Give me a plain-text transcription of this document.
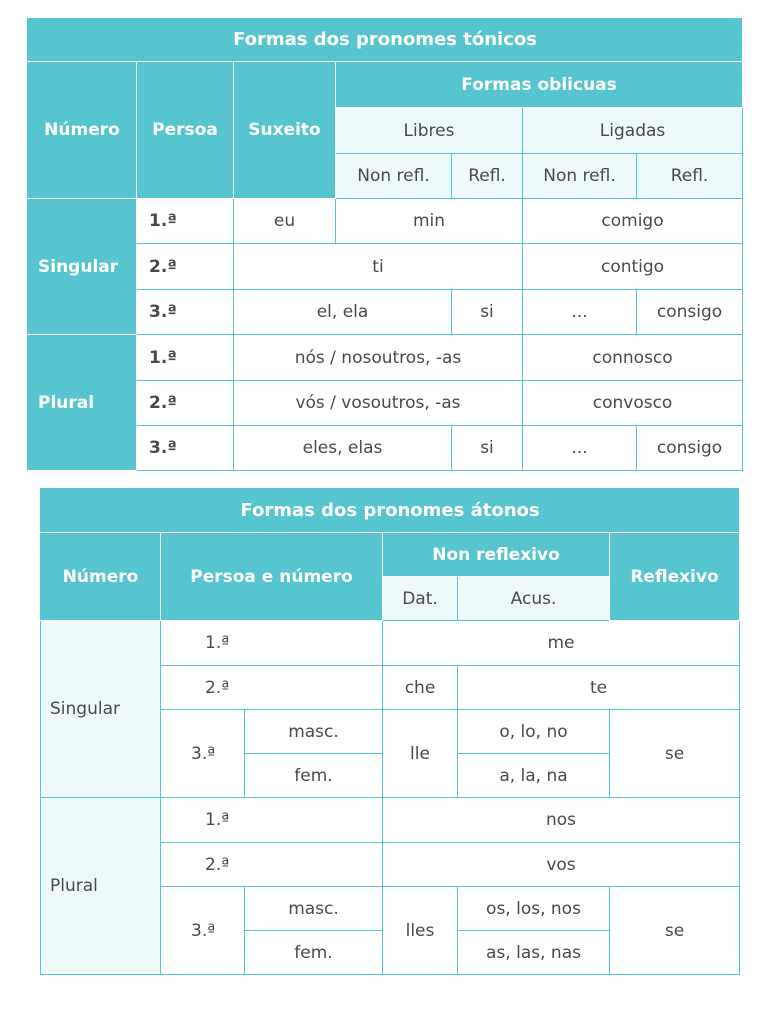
Formas dos pronomes tónicos						
Número	Persoa	Suxeito	Formas oblicuas			
			Libres		Ligadas	
			Non refl.	Refl.	Non refl.	Refl.
Singular	1.ª	eu	min		comigo	
	2.ª	ti			contigo	
	3.ª	el, ela		si	...	consigo
Plural	1.ª	nós / nosoutros, -as			connosco	
	2.ª	vós / vosoutros, -as			convosco	
	3.ª	eles, elas		si	...	consigo
Formas dos pronomes átonos					
Número	Persoa e número		Non reflexivo		Reflexivo
			Dat.	Acus.	
Singular	1.ª		me		
	2.ª		che	te	
	3.ª	masc.	lle	o, lo, no	se
		fem.		a, la, na	
Plural	1.ª		nos		
	2.ª		vos		
	3.ª	masc.	lles	os, los, nos	se
		fem.		as, las, nas	
